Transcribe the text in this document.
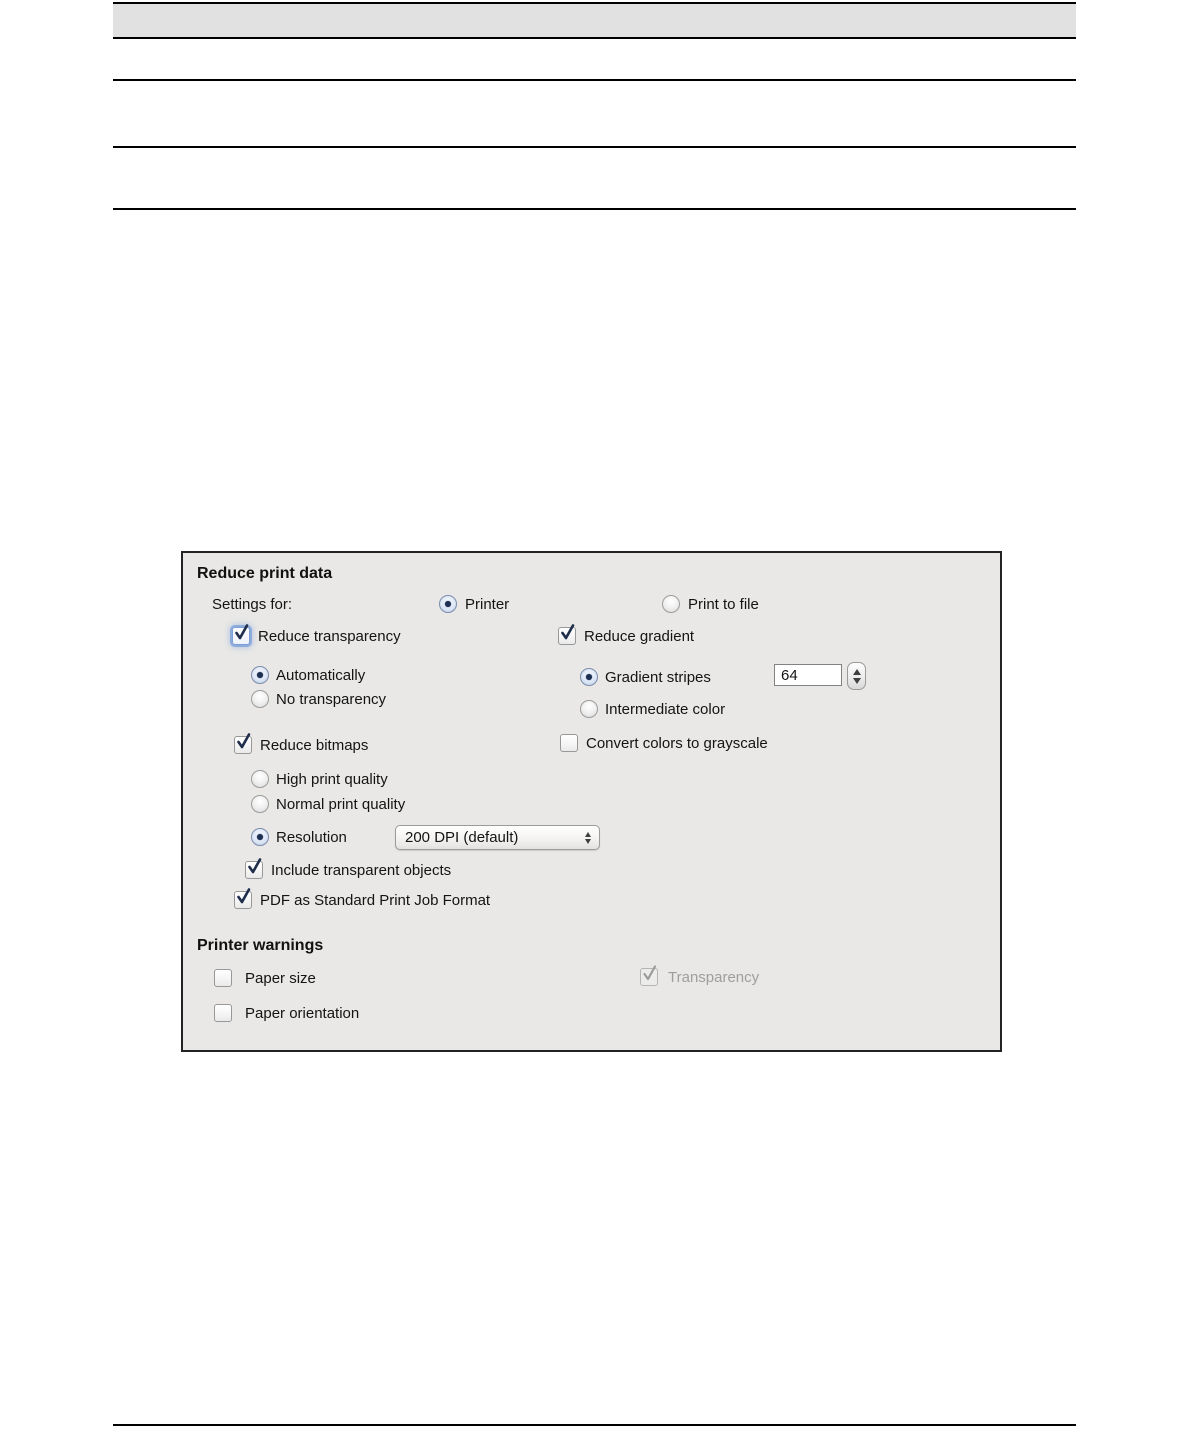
Reduce print data
Settings for:	Printer	Print to file
Reduce transparency	Reduce gradient
Automatically	Gradient stripes
64
No transparency
Intermediate color
Reduce bitmaps	Convert colors to grayscale
High print quality
Normal print quality
Resolution	200 DPI (default)
Include transparent objects
PDF as Standard Print Job Format
Printer warnings
Paper size	Transparency
Paper orientation
